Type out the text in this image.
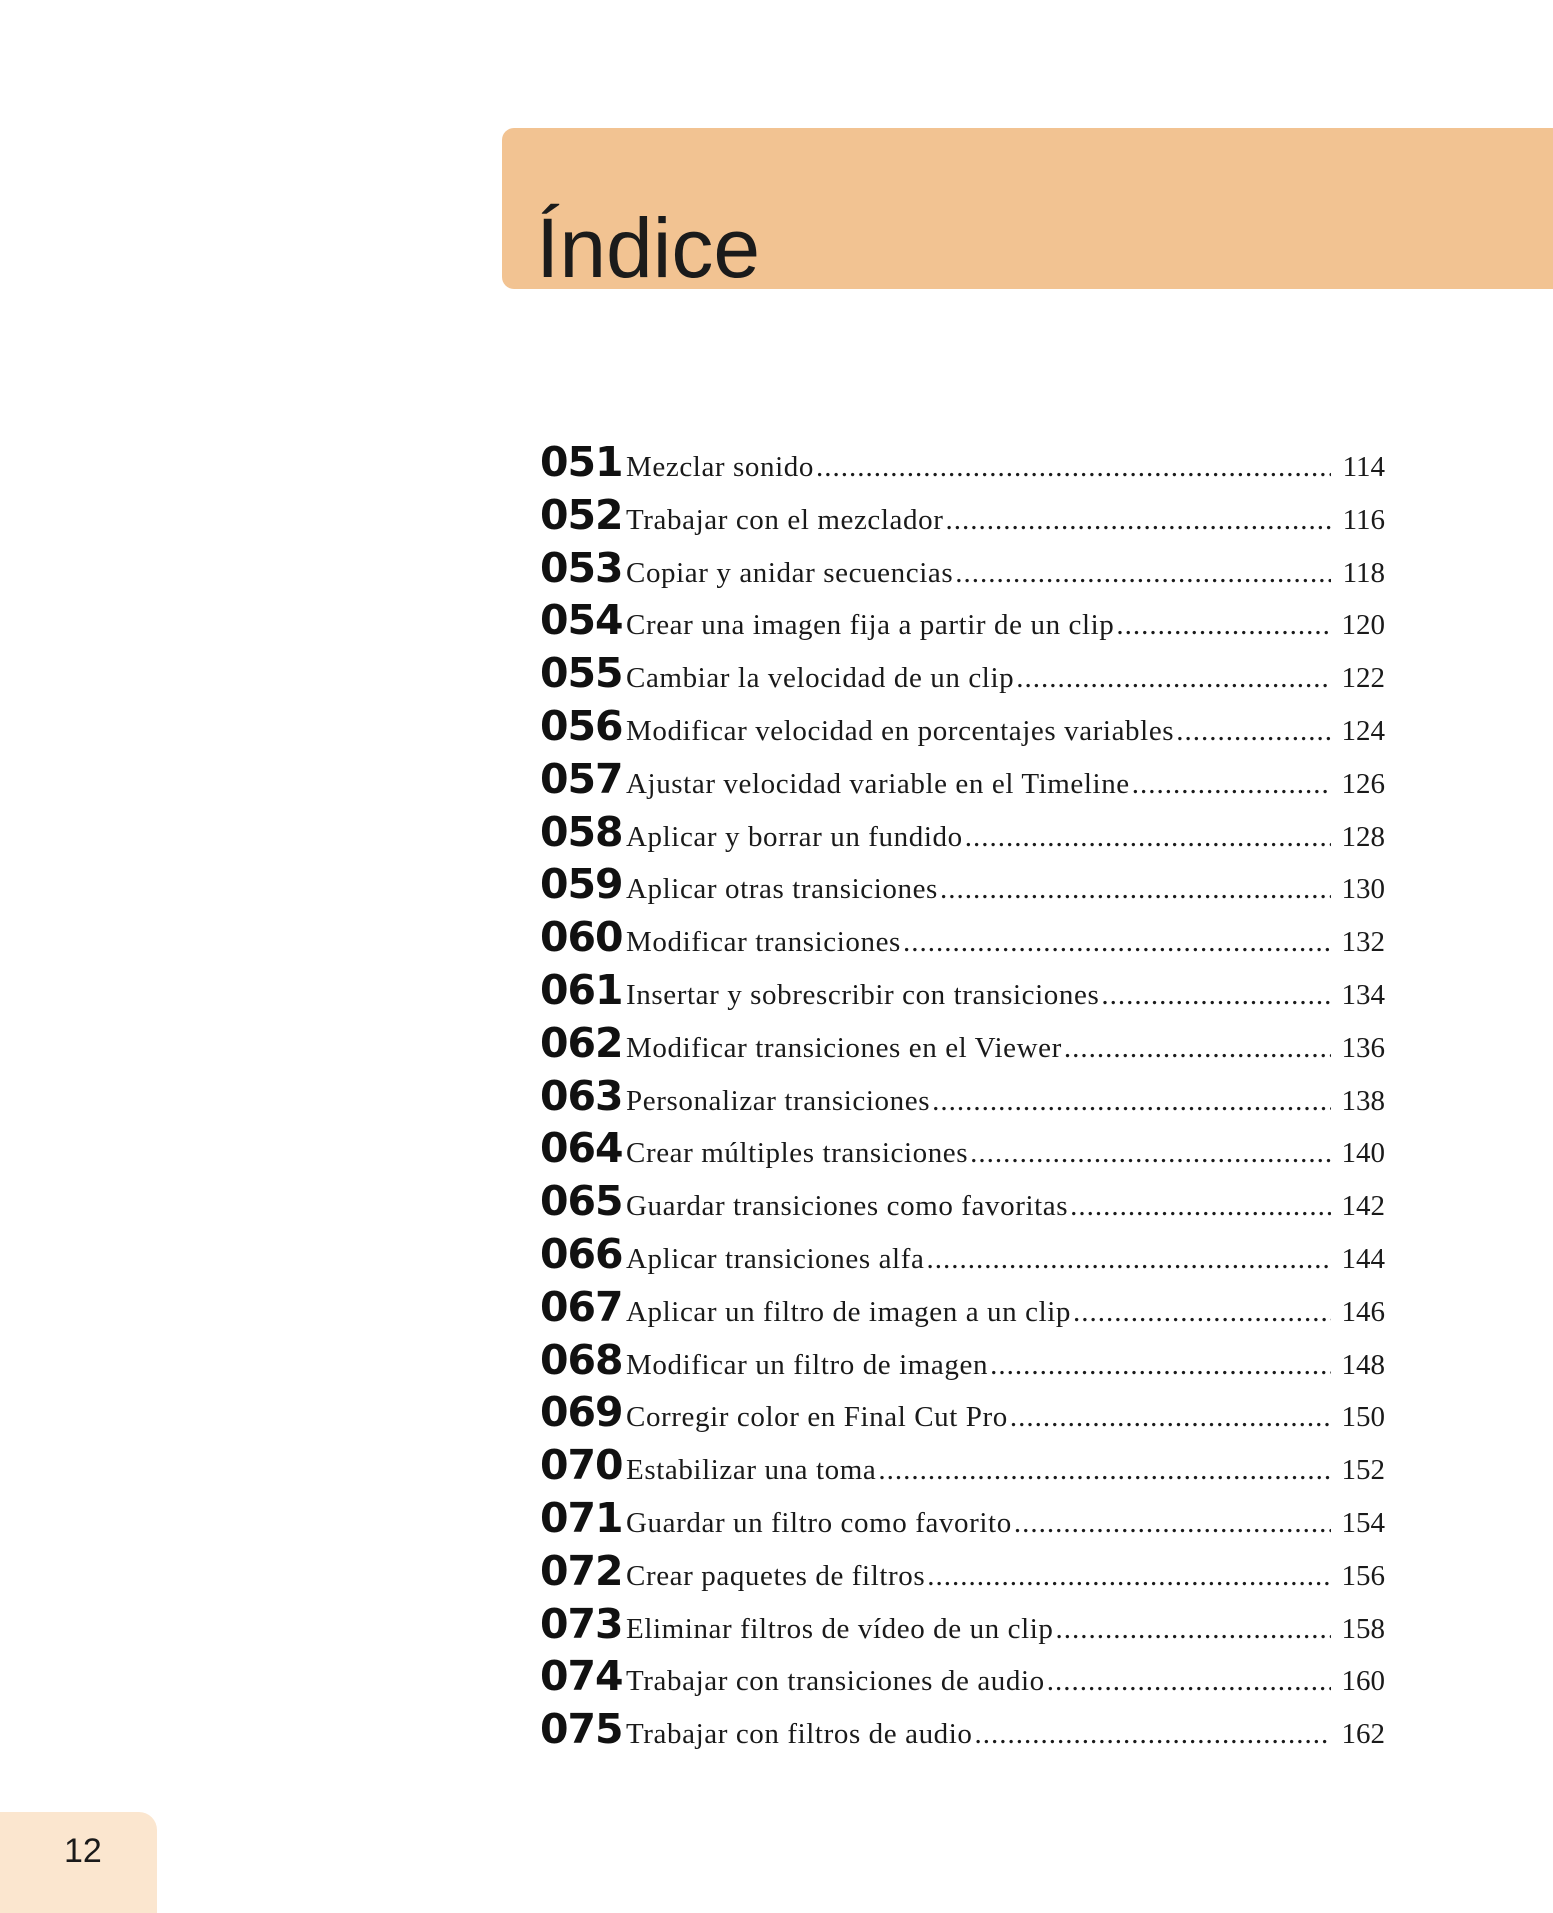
Índice
051 Mezclar sonido .....	114
052 Trabajar con el mezclador .....	116
053 Copiar y anidar secuencias .....	118
054 Crear una imagen fija a partir de un clip .....	120
055 Cambiar la velocidad de un clip .....	122
056 Modificar velocidad en porcentajes variables .....	124
057 Ajustar velocidad variable en el Timeline .....	126
058 Aplicar y borrar un fundido .....	128
059 Aplicar otras transiciones .....	130
060 Modificar transiciones .....	132
061 Insertar y sobrescribir con transiciones .....	134
062 Modificar transiciones en el Viewer .....	136
063 Personalizar transiciones .....	138
064 Crear múltiples transiciones .....	140
065 Guardar transiciones como favoritas .....	142
066 Aplicar transiciones alfa .....	144
067 Aplicar un filtro de imagen a un clip .....	146
068 Modificar un filtro de imagen .....	148
069 Corregir color en Final Cut Pro .....	150
070 Estabilizar una toma .....	152
071 Guardar un filtro como favorito .....	154
072 Crear paquetes de filtros .....	156
073 Eliminar filtros de vídeo de un clip .....	158
074 Trabajar con transiciones de audio .....	160
075 Trabajar con filtros de audio .....	162
12
